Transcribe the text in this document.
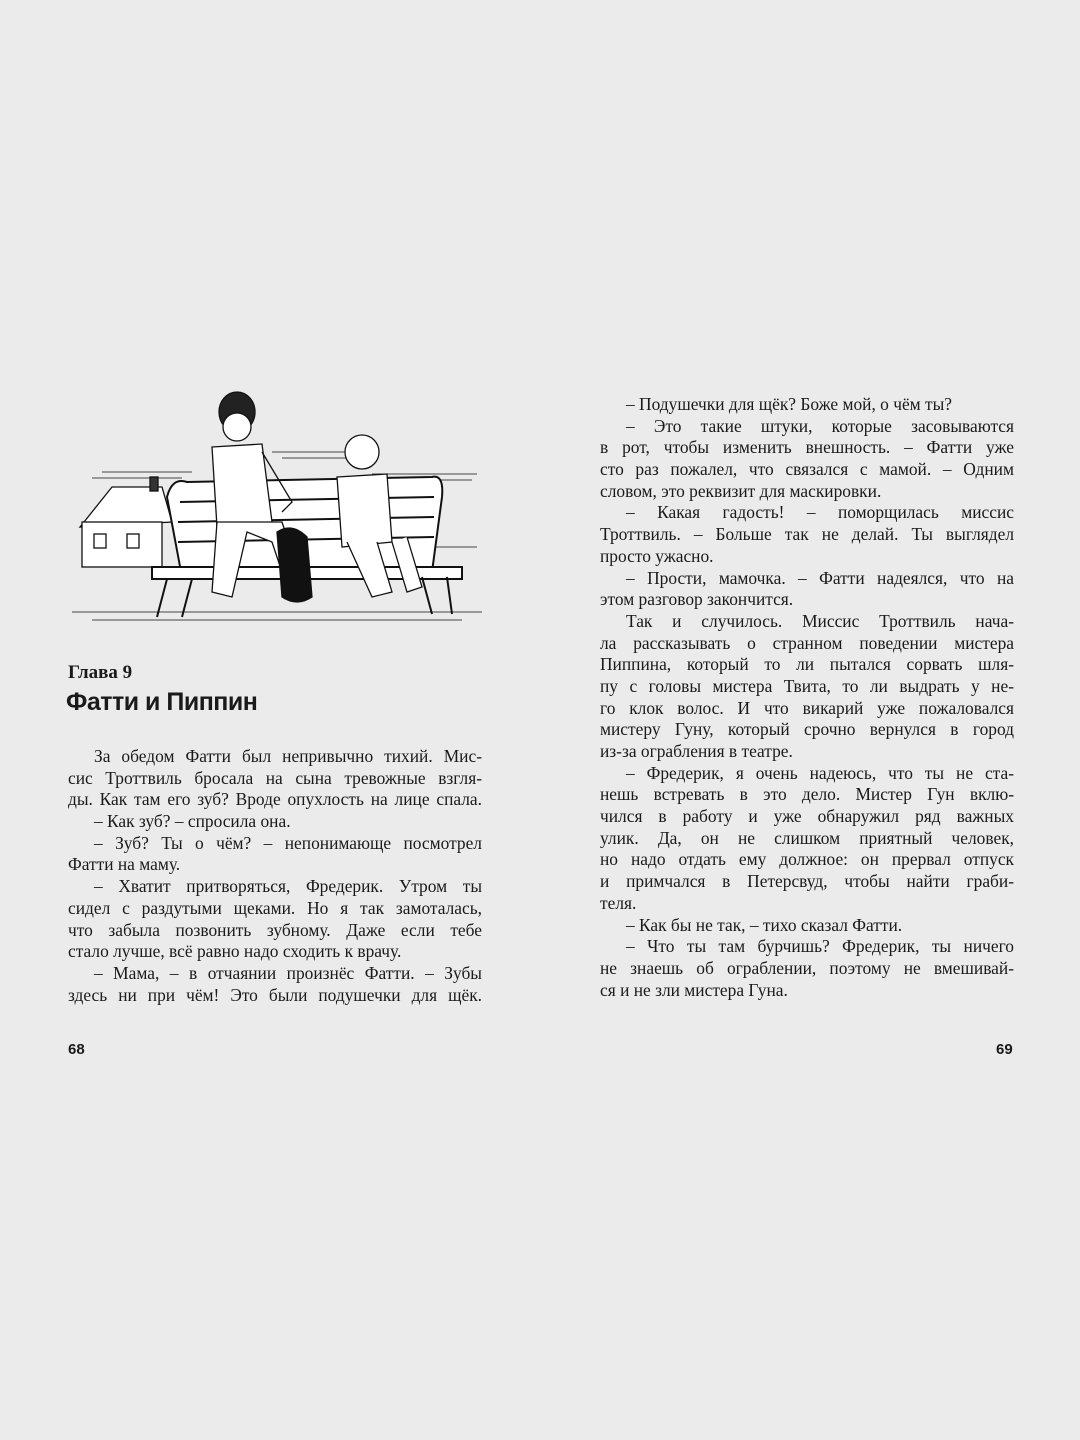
Глава 9
Фатти и Пиппин
За обедом Фатти был непривычно тихий. Мис-
сис Троттвиль бросала на сына тревожные взгля-
ды. Как там его зуб? Вроде опухлость на лице спала.
– Как зуб? – спросила она.
– Зуб? Ты о чём? – непонимающе посмотрел
Фатти на маму.
– Хватит притворяться, Фредерик. Утром ты
сидел с раздутыми щеками. Но я так замоталась,
что забыла позвонить зубному. Даже если тебе
стало лучше, всё равно надо сходить к врачу.
– Мама, – в отчаянии произнёс Фатти. – Зубы
здесь ни при чём! Это были подушечки для щёк.
68
– Подушечки для щёк? Боже мой, о чём ты?
– Это такие штуки, которые засовываются
в рот, чтобы изменить внешность. – Фатти уже
сто раз пожалел, что связался с мамой. – Одним
словом, это реквизит для маскировки.
– Какая гадость! – поморщилась миссис
Троттвиль. – Больше так не делай. Ты выглядел
просто ужасно.
– Прости, мамочка. – Фатти надеялся, что на
этом разговор закончится.
Так и случилось. Миссис Троттвиль нача-
ла рассказывать о странном поведении мистера
Пиппина, который то ли пытался сорвать шля-
пу с головы мистера Твита, то ли выдрать у не-
го клок волос. И что викарий уже пожаловался
мистеру Гуну, который срочно вернулся в город
из-за ограбления в театре.
– Фредерик, я очень надеюсь, что ты не ста-
нешь встревать в это дело. Мистер Гун вклю-
чился в работу и уже обнаружил ряд важных
улик. Да, он не слишком приятный человек,
но надо отдать ему должное: он прервал отпуск
и примчался в Петерсвуд, чтобы найти граби-
теля.
– Как бы не так, – тихо сказал Фатти.
– Что ты там бурчишь? Фредерик, ты ничего
не знаешь об ограблении, поэтому не вмешивай-
ся и не зли мистера Гуна.
69
